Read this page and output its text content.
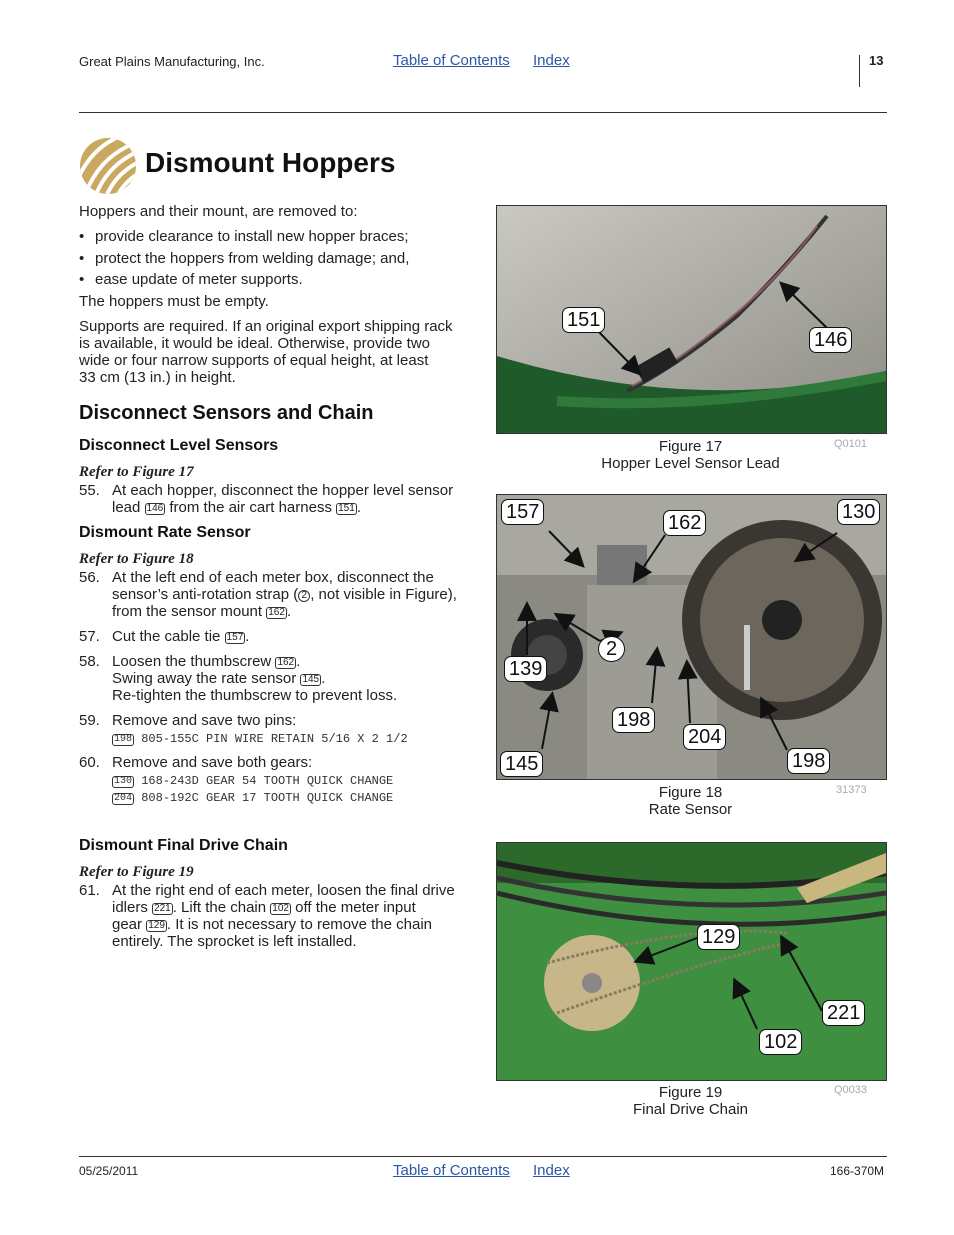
Great Plains Manufacturing, Inc.	Table of Contents Index	13
Dismount Hoppers
Hoppers and their mount, are removed to:
• provide clearance to install new hopper braces;
• protect the hoppers from welding damage; and,
• ease update of meter supports.
The hoppers must be empty.
Supports are required. If an original export shipping rack
is available, it would be ideal. Otherwise, provide two
wide or four narrow supports of equal height, at least
33 cm (13 in.) in height.
Disconnect Sensors and Chain
Disconnect Level Sensors
Refer to Figure 17
55. At each hopper, disconnect the hopper level sensor
lead 146 from the air cart harness 151 .
Dismount Rate Sensor
Refer to Figure 18
56. At the left end of each meter box, disconnect the
sensor’s anti-rotation strap ( 2 , not visible in Figure),
from the sensor mount 162 .
57. Cut the cable tie 157 .
58. Loosen the thumbscrew 162 .
Swing away the rate sensor 145 .
Re-tighten the thumbscrew to prevent loss.
59. Remove and save two pins:
198 805-155C PIN WIRE RETAIN 5/16 X 2 1/2
60. Remove and save both gears:
130 168-243D GEAR 54 TOOTH QUICK CHANGE
204 808-192C GEAR 17 TOOTH QUICK CHANGE
Dismount Final Drive Chain
Refer to Figure 19
61. At the right end of each meter, loosen the final drive
idlers 221 . Lift the chain 102 off the meter input
gear 129 . It is not necessary to remove the chain
entirely. The sprocket is left installed.
151
146
Figure 17
Hopper Level Sensor Lead
Q0101
157	162	130
2
139
198
204
198
145
Figure 18
Rate Sensor
31373
129
221
102
Figure 19
Final Drive Chain
Q0033
05/25/2011	Table of Contents Index	166-370M
